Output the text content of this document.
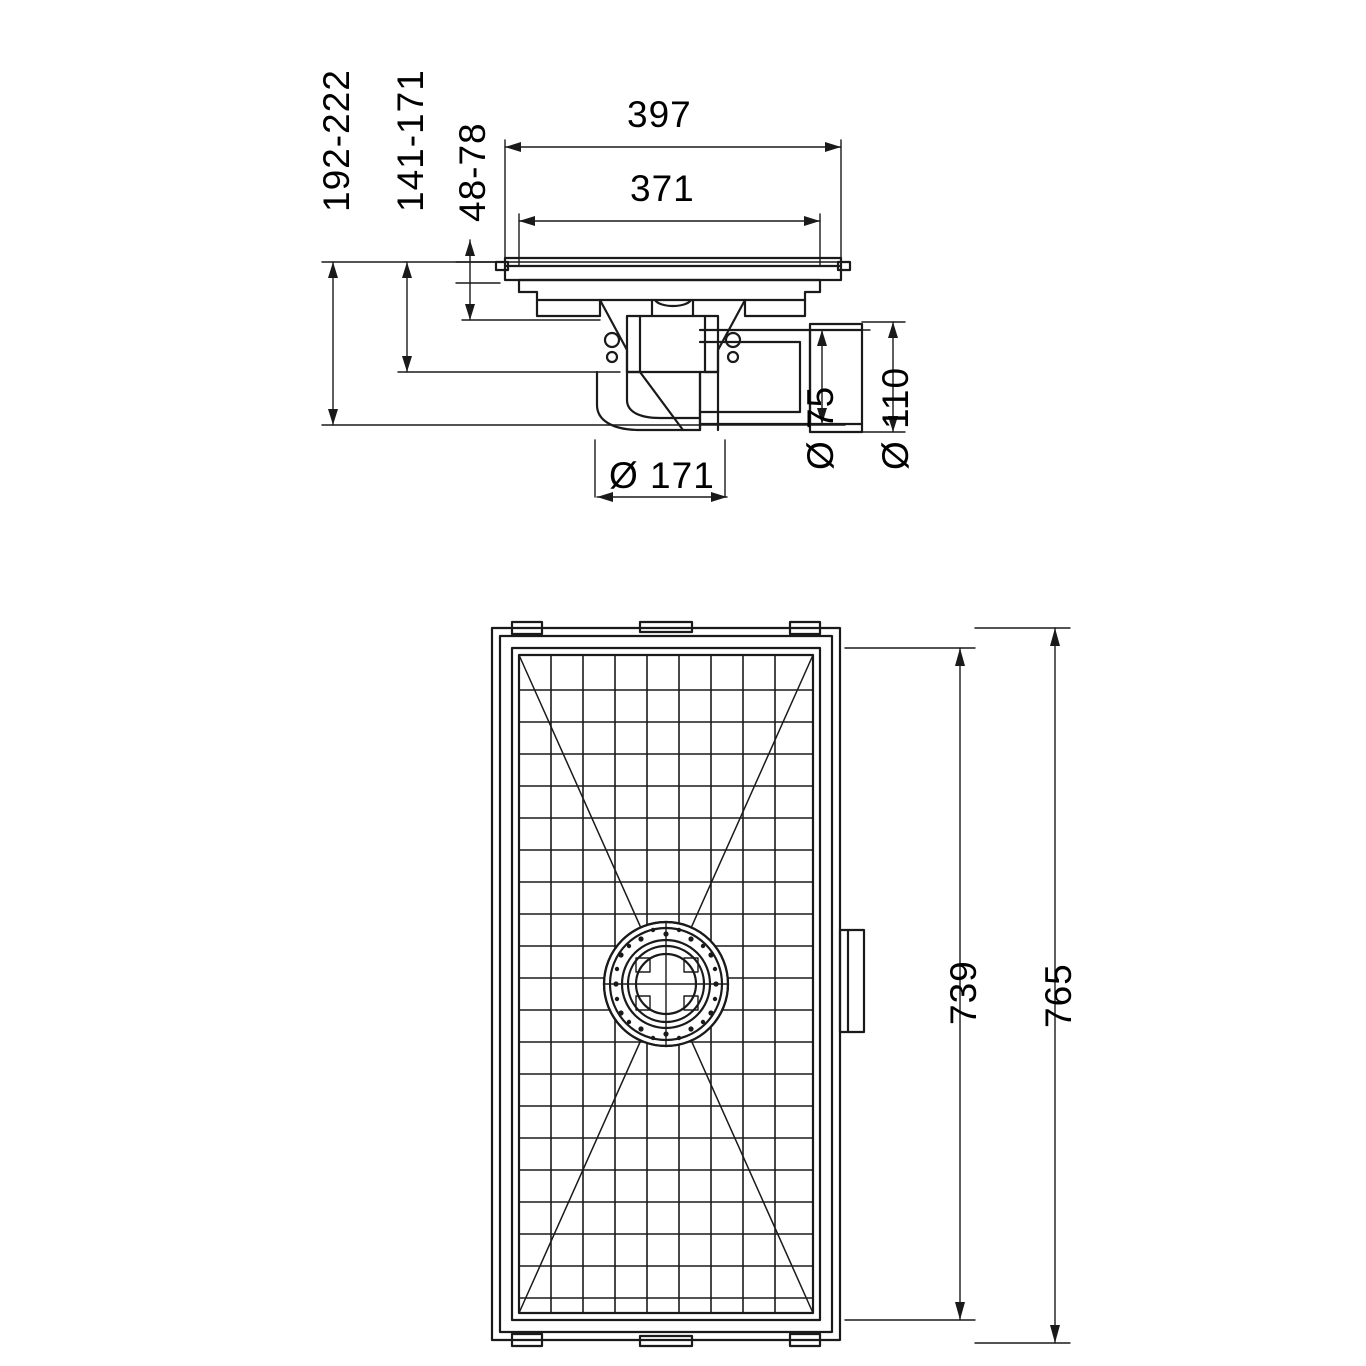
192-222 141-171 48-78
397
371
Ø 171
Ø 75 Ø 110
739 765
